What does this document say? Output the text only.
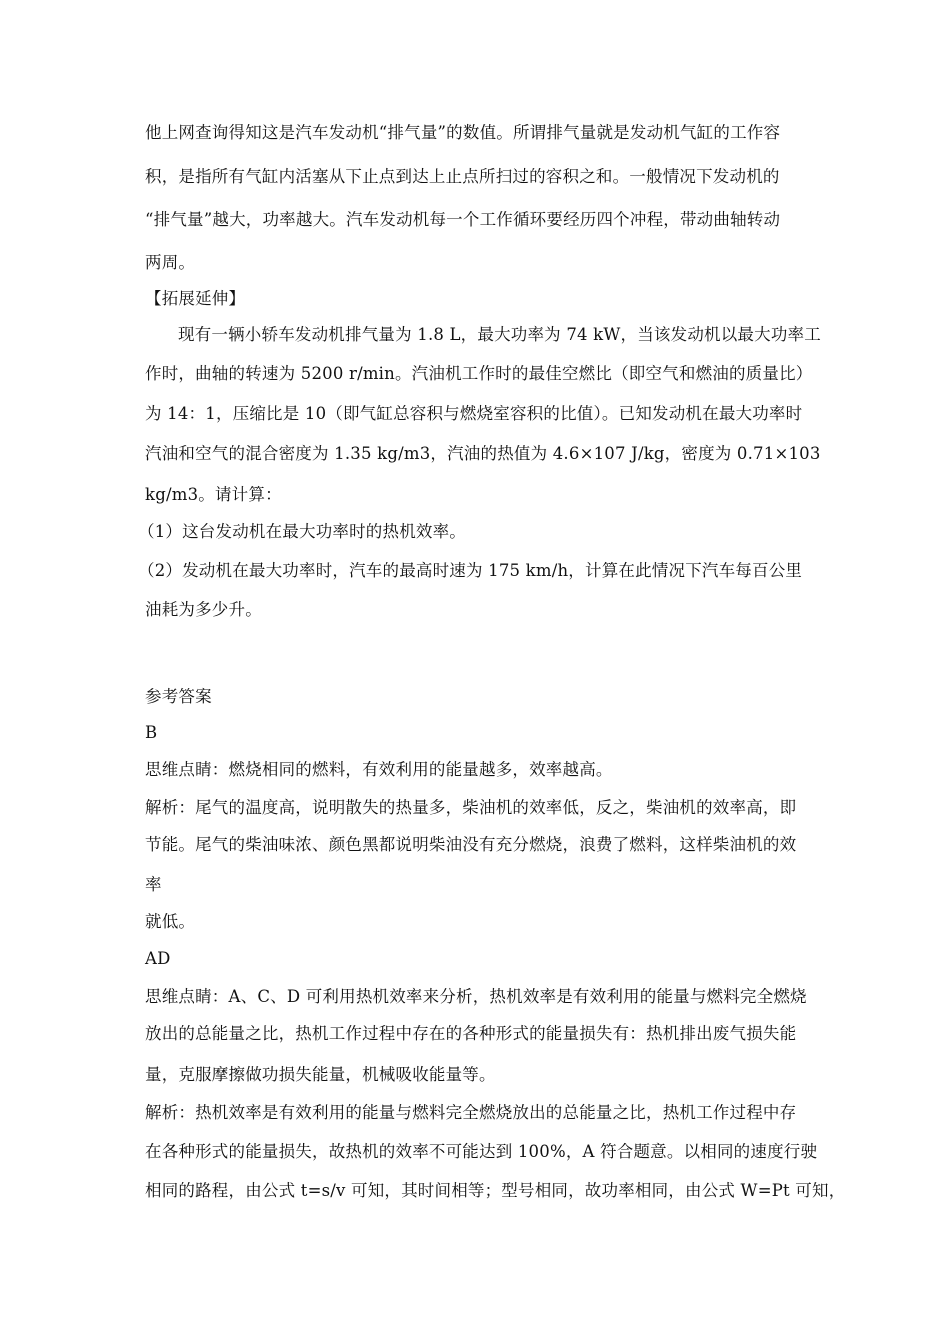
他上网查询得知这是汽车发动机“排气量”的数值。所谓排气量就是发动机气缸的工作容
积，是指所有气缸内活塞从下止点到达上止点所扫过的容积之和。一般情况下发动机的
“排气量”越大，功率越大。汽车发动机每一个工作循环要经历四个冲程，带动曲轴转动
两周。
【拓展延伸】
现有一辆小轿车发动机排气量为 1.8 L，最大功率为 74 kW，当该发动机以最大功率工
作时，曲轴的转速为 5200 r/min。汽油机工作时的最佳空燃比（即空气和燃油的质量比）
为 14：1，压缩比是 10（即气缸总容积与燃烧室容积的比值）。已知发动机在最大功率时
汽油和空气的混合密度为 1.35 kg/m3，汽油的热值为 4.6×107 J/kg，密度为 0.71×103
kg/m3。请计算：
（1）这台发动机在最大功率时的热机效率。
（2）发动机在最大功率时，汽车的最高时速为 175 km/h，计算在此情况下汽车每百公里
油耗为多少升。
参考答案
B
思维点睛：燃烧相同的燃料，有效利用的能量越多，效率越高。
解析：尾气的温度高，说明散失的热量多，柴油机的效率低，反之，柴油机的效率高，即
节能。尾气的柴油味浓、颜色黑都说明柴油没有充分燃烧，浪费了燃料，这样柴油机的效
率
就低。
AD
思维点睛：A、C、D 可利用热机效率来分析，热机效率是有效利用的能量与燃料完全燃烧
放出的总能量之比，热机工作过程中存在的各种形式的能量损失有：热机排出废气损失能
量，克服摩擦做功损失能量，机械吸收能量等。
解析：热机效率是有效利用的能量与燃料完全燃烧放出的总能量之比，热机工作过程中存
在各种形式的能量损失，故热机的效率不可能达到 100%，A 符合题意。以相同的速度行驶
相同的路程，由公式 t=s/v 可知，其时间相等；型号相同，故功率相同，由公式 W=Pt 可知，
